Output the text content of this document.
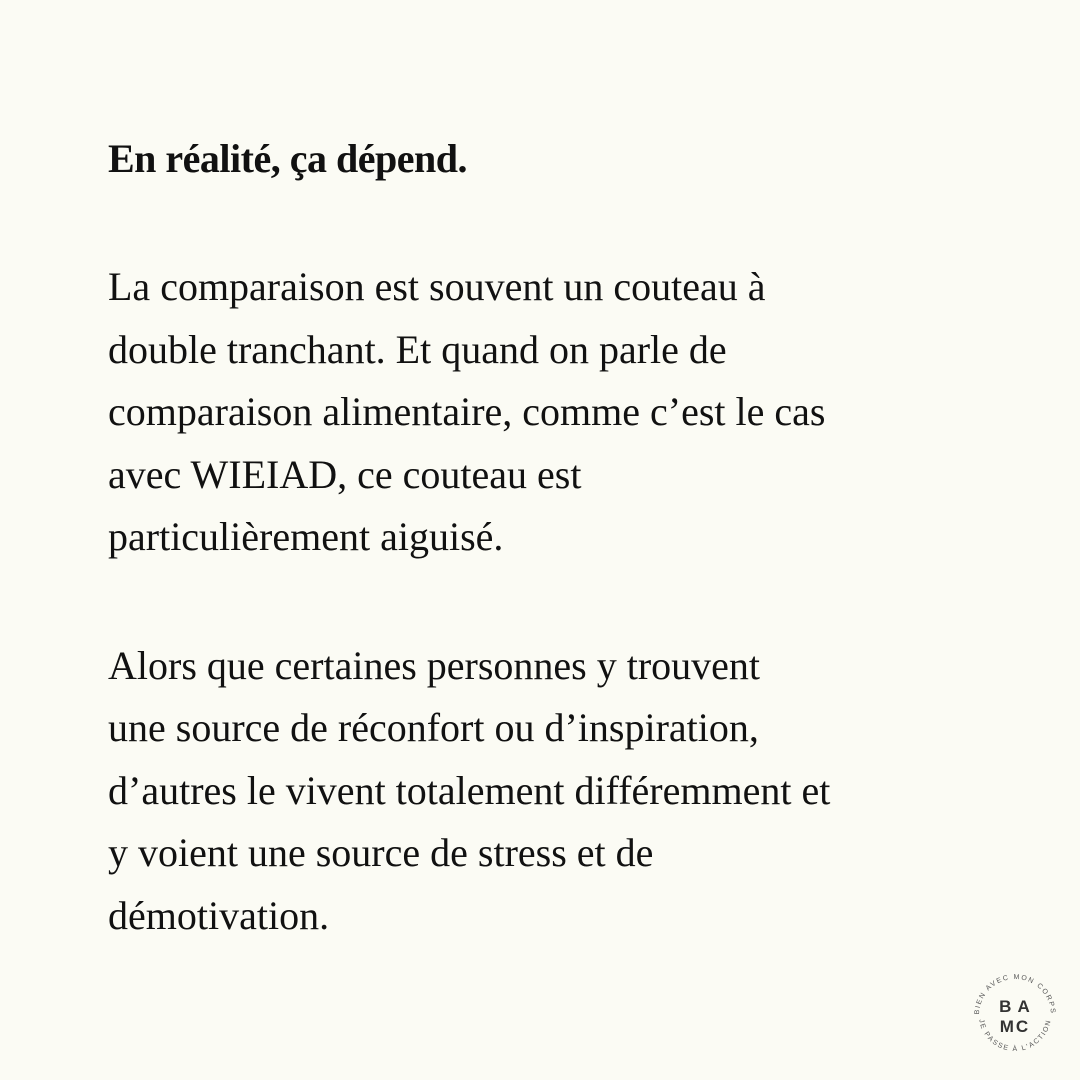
En réalité, ça dépend.

La comparaison est souvent un couteau à
double tranchant. Et quand on parle de
comparaison alimentaire, comme c’est le cas
avec WIEIAD, ce couteau est
particulièrement aiguisé.

Alors que certaines personnes y trouvent
une source de réconfort ou d’inspiration,
d’autres le vivent totalement différemment et
y voient une source de stress et de
démotivation.

BIEN AVEC MON CORPS
JE PASSE À L'ACTION
B A
MC
